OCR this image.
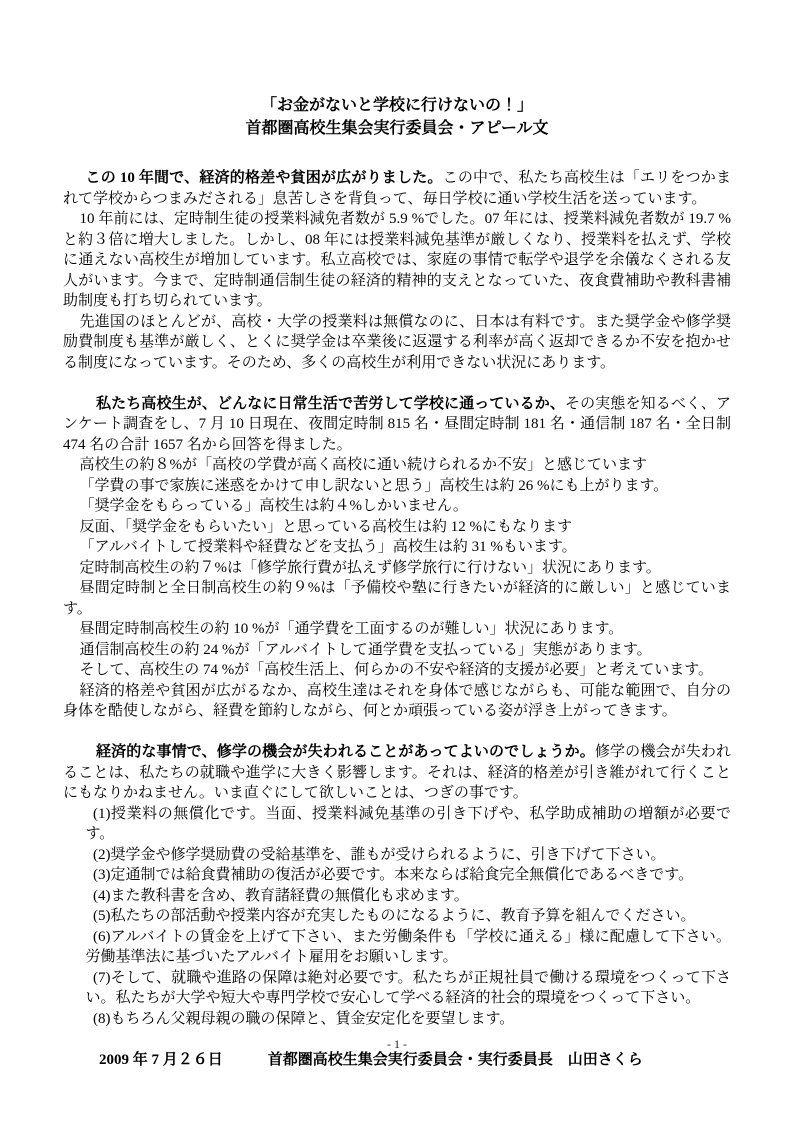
「お金がないと学校に行けないの！」

首都圏高校生集会実行委員会・アピール文

この 10 年間で、経済的格差や貧困が広がりました。この中で、私たち高校生は「エリをつかまれて学校からつまみだされる」息苦しさを背負って、毎日学校に通い学校生活を送っています。

10 年前には、定時制生徒の授業料減免者数が 5.9 %でした。07 年には、授業料減免者数が 19.7 %と約３倍に増大しました。しかし、08 年には授業料減免基準が厳しくなり、授業料を払えず、学校に通えない高校生が増加しています。私立高校では、家庭の事情で転学や退学を余儀なくされる友人がいます。今まで、定時制通信制生徒の経済的精神的支えとなっていた、夜食費補助や教科書補助制度も打ち切られています。

先進国のほとんどが、高校・大学の授業料は無償なのに、日本は有料です。また奨学金や修学奨励費制度も基準が厳しく、とくに奨学金は卒業後に返還する利率が高く返却できるか不安を抱かせる制度になっています。そのため、多くの高校生が利用できない状況にあります。

私たち高校生が、どんなに日常生活で苦労して学校に通っているか、その実態を知るべく、アンケート調査をし、7 月 10 日現在、夜間定時制 815 名・昼間定時制 181 名・通信制 187 名・全日制 474 名の合計 1657 名から回答を得ました。

高校生の約８%が「高校の学費が高く高校に通い続けられるか不安」と感じています

「学費の事で家族に迷惑をかけて申し訳ないと思う」高校生は約 26 %にも上がります。

「奨学金をもらっている」高校生は約４%しかいません。

反面、「奨学金をもらいたい」と思っている高校生は約 12 %にもなります

「アルバイトして授業料や経費などを支払う」高校生は約 31 %もいます。

定時制高校生の約７%は「修学旅行費が払えず修学旅行に行けない」状況にあります。

昼間定時制と全日制高校生の約９%は「予備校や塾に行きたいが経済的に厳しい」と感じています。

昼間定時制高校生の約 10 %が「通学費を工面するのが難しい」状況にあります。

通信制高校生の約 24 %が「アルバイトして通学費を支払っている」実態があります。

そして、高校生の 74 %が「高校生活上、何らかの不安や経済的支援が必要」と考えています。

経済的格差や貧困が広がるなか、高校生達はそれを身体で感じながらも、可能な範囲で、自分の身体を酷使しながら、経費を節約しながら、何とか頑張っている姿が浮き上がってきます。

経済的な事情で、修学の機会が失われることがあってよいのでしょうか。修学の機会が失われることは、私たちの就職や進学に大きく影響します。それは、経済的格差が引き維がれて行くことにもなりかねません。いま直ぐにして欲しいことは、つぎの事です。

(1)授業料の無償化です。当面、授業料減免基準の引き下げや、私学助成補助の増額が必要です。

(2)奨学金や修学奨励費の受給基準を、誰もが受けられるように、引き下げて下さい。

(3)定通制では給食費補助の復活が必要です。本来ならば給食完全無償化であるべきです。

(4)また教科書を含め、教育諸経費の無償化も求めます。

(5)私たちの部活動や授業内容が充実したものになるように、教育予算を組んでください。

(6)アルバイトの賃金を上げて下さい、また労働条件も「学校に通える」様に配慮して下さい。労働基準法に基づいたアルバイト雇用をお願いします。

(7)そして、就職や進路の保障は絶対必要です。私たちが正規社員で働ける環境をつくって下さい。私たちが大学や短大や専門学校で安心して学べる経済的社会的環境をつくって下さい。

(8)もちろん父親母親の職の保障と、賃金安定化を要望します。

2009 年 7 月２６日　　　首都圏高校生集会実行委員会・実行委員長　山田さくら

- 1 -
